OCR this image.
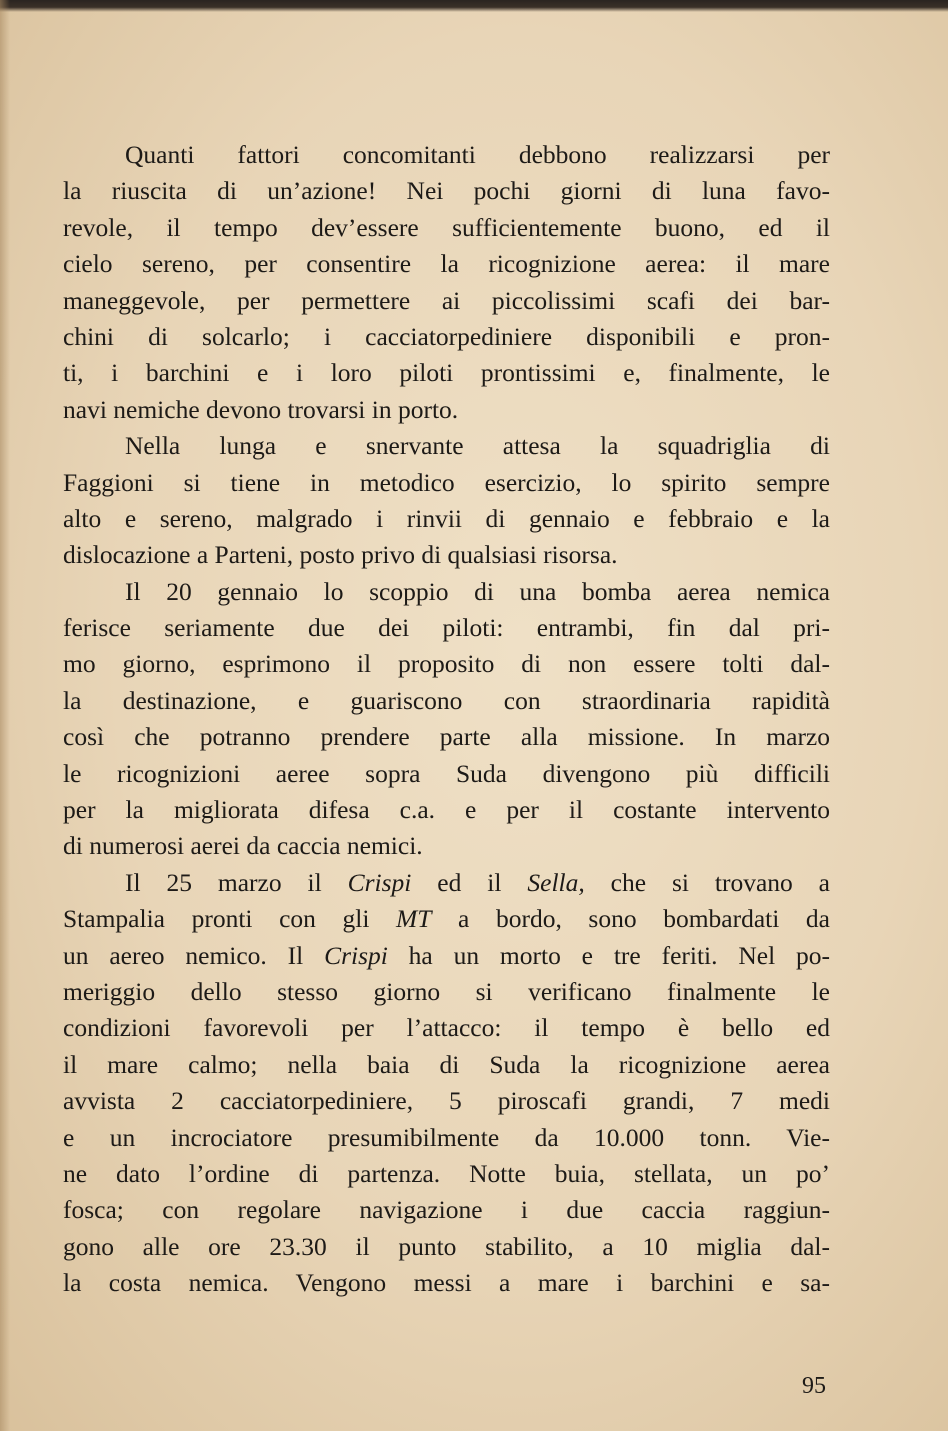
Quanti fattori concomitanti debbono realizzarsi per
la riuscita di un’azione! Nei pochi giorni di luna favo-
revole, il tempo dev’essere sufficientemente buono, ed il
cielo sereno, per consentire la ricognizione aerea: il mare
maneggevole, per permettere ai piccolissimi scafi dei bar-
chini di solcarlo; i cacciatorpediniere disponibili e pron-
ti, i barchini e i loro piloti prontissimi e, finalmente, le
navi nemiche devono trovarsi in porto.
Nella lunga e snervante attesa la squadriglia di
Faggioni si tiene in metodico esercizio, lo spirito sempre
alto e sereno, malgrado i rinvii di gennaio e febbraio e la
dislocazione a Parteni, posto privo di qualsiasi risorsa.
Il 20 gennaio lo scoppio di una bomba aerea nemica
ferisce seriamente due dei piloti: entrambi, fin dal pri-
mo giorno, esprimono il proposito di non essere tolti dal-
la destinazione, e guariscono con straordinaria rapidità
così che potranno prendere parte alla missione. In marzo
le ricognizioni aeree sopra Suda divengono più difficili
per la migliorata difesa c.a. e per il costante intervento
di numerosi aerei da caccia nemici.
Il 25 marzo il Crispi ed il Sella, che si trovano a
Stampalia pronti con gli MT a bordo, sono bombardati da
un aereo nemico. Il Crispi ha un morto e tre feriti. Nel po-
meriggio dello stesso giorno si verificano finalmente le
condizioni favorevoli per l’attacco: il tempo è bello ed
il mare calmo; nella baia di Suda la ricognizione aerea
avvista 2 cacciatorpediniere, 5 piroscafi grandi, 7 medi
e un incrociatore presumibilmente da 10.000 tonn. Vie-
ne dato l’ordine di partenza. Notte buia, stellata, un po’
fosca; con regolare navigazione i due caccia raggiun-
gono alle ore 23.30 il punto stabilito, a 10 miglia dal-
la costa nemica. Vengono messi a mare i barchini e sa-
95
